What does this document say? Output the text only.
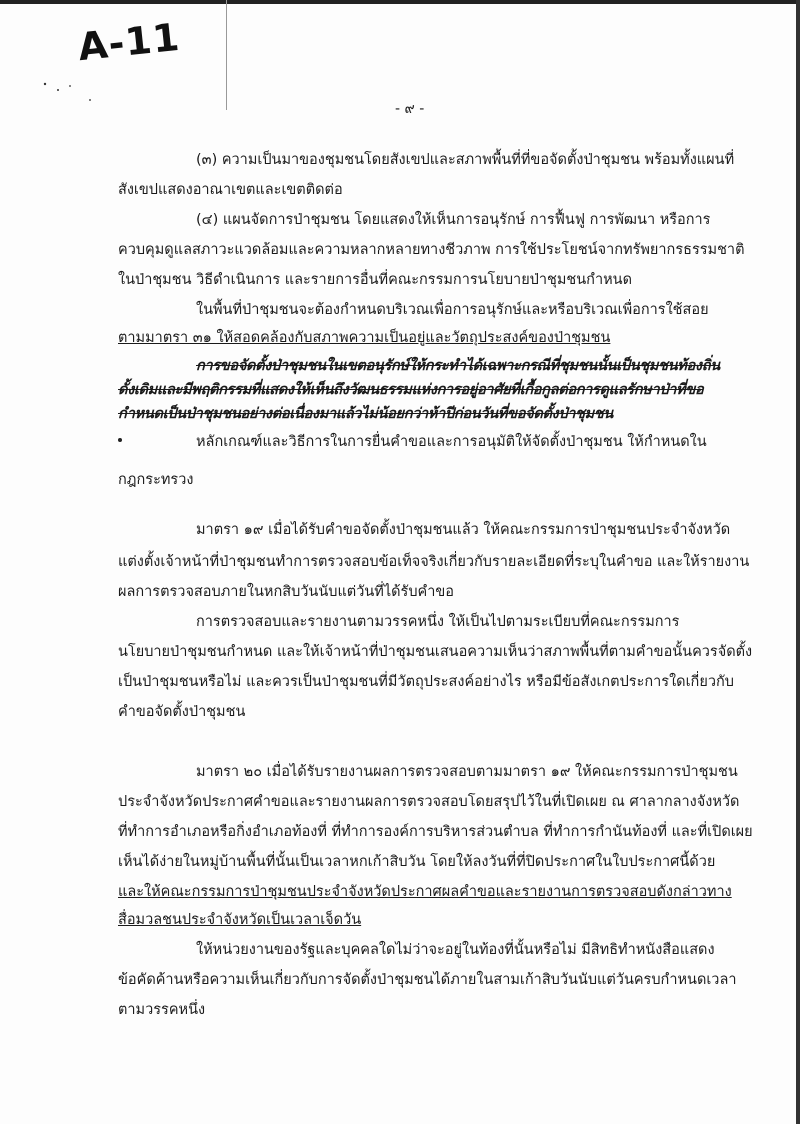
A-11
- ๙ -
(๓) ความเป็นมาของชุมชนโดยสังเขปและสภาพพื้นที่ที่ขอจัดตั้งป่าชุมชน พร้อมทั้งแผนที่
สังเขปแสดงอาณาเขตและเขตติดต่อ
(๔) แผนจัดการป่าชุมชน โดยแสดงให้เห็นการอนุรักษ์ การฟื้นฟู การพัฒนา หรือการ
ควบคุมดูแลสภาวะแวดล้อมและความหลากหลายทางชีวภาพ การใช้ประโยชน์จากทรัพยากรธรรมชาติ
ในป่าชุมชน วิธีดำเนินการ และรายการอื่นที่คณะกรรมการนโยบายป่าชุมชนกำหนด
ในพื้นที่ป่าชุมชนจะต้องกำหนดบริเวณเพื่อการอนุรักษ์และหรือบริเวณเพื่อการใช้สอย
ตามมาตรา ๓๑ ให้สอดคล้องกับสภาพความเป็นอยู่และวัตถุประสงค์ของป่าชุมชน
การขอจัดตั้งป่าชุมชนในเขตอนุรักษ์ให้กระทำได้เฉพาะกรณีที่ชุมชนนั้นเป็นชุมชนท้องถิ่น
ดั้งเดิมและมีพฤติกรรมที่แสดงให้เห็นถึงวัฒนธรรมแห่งการอยู่อาศัยที่เกื้อกูลต่อการดูแลรักษาป่าที่ขอ
กำหนดเป็นป่าชุมชนอย่างต่อเนื่องมาแล้วไม่น้อยกว่าห้าปีก่อนวันที่ขอจัดตั้งป่าชุมชน
หลักเกณฑ์และวิธีการในการยื่นคำขอและการอนุมัติให้จัดตั้งป่าชุมชน ให้กำหนดใน
กฎกระทรวง
มาตรา ๑๙ เมื่อได้รับคำขอจัดตั้งป่าชุมชนแล้ว ให้คณะกรรมการป่าชุมชนประจำจังหวัด
แต่งตั้งเจ้าหน้าที่ป่าชุมชนทำการตรวจสอบข้อเท็จจริงเกี่ยวกับรายละเอียดที่ระบุในคำขอ และให้รายงาน
ผลการตรวจสอบภายในหกสิบวันนับแต่วันที่ได้รับคำขอ
การตรวจสอบและรายงานตามวรรคหนึ่ง ให้เป็นไปตามระเบียบที่คณะกรรมการ
นโยบายป่าชุมชนกำหนด และให้เจ้าหน้าที่ป่าชุมชนเสนอความเห็นว่าสภาพพื้นที่ตามคำขอนั้นควรจัดตั้ง
เป็นป่าชุมชนหรือไม่ และควรเป็นป่าชุมชนที่มีวัตถุประสงค์อย่างไร หรือมีข้อสังเกตประการใดเกี่ยวกับ
คำขอจัดตั้งป่าชุมชน
มาตรา ๒๐ เมื่อได้รับรายงานผลการตรวจสอบตามมาตรา ๑๙ ให้คณะกรรมการป่าชุมชน
ประจำจังหวัดประกาศคำขอและรายงานผลการตรวจสอบโดยสรุปไว้ในที่เปิดเผย ณ ศาลากลางจังหวัด
ที่ทำการอำเภอหรือกิ่งอำเภอท้องที่ ที่ทำการองค์การบริหารส่วนตำบล ที่ทำการกำนันท้องที่ และที่เปิดเผย
เห็นได้ง่ายในหมู่บ้านพื้นที่นั้นเป็นเวลาหกเก้าสิบวัน โดยให้ลงวันที่ที่ปิดประกาศในใบประกาศนี้ด้วย
และให้คณะกรรมการป่าชุมชนประจำจังหวัดประกาศผลคำขอและรายงานการตรวจสอบดังกล่าวทาง
สื่อมวลชนประจำจังหวัดเป็นเวลาเจ็ดวัน
ให้หน่วยงานของรัฐและบุคคลใดไม่ว่าจะอยู่ในท้องที่นั้นหรือไม่ มีสิทธิทำหนังสือแสดง
ข้อคัดค้านหรือความเห็นเกี่ยวกับการจัดตั้งป่าชุมชนได้ภายในสามเก้าสิบวันนับแต่วันครบกำหนดเวลา
ตามวรรคหนึ่ง
